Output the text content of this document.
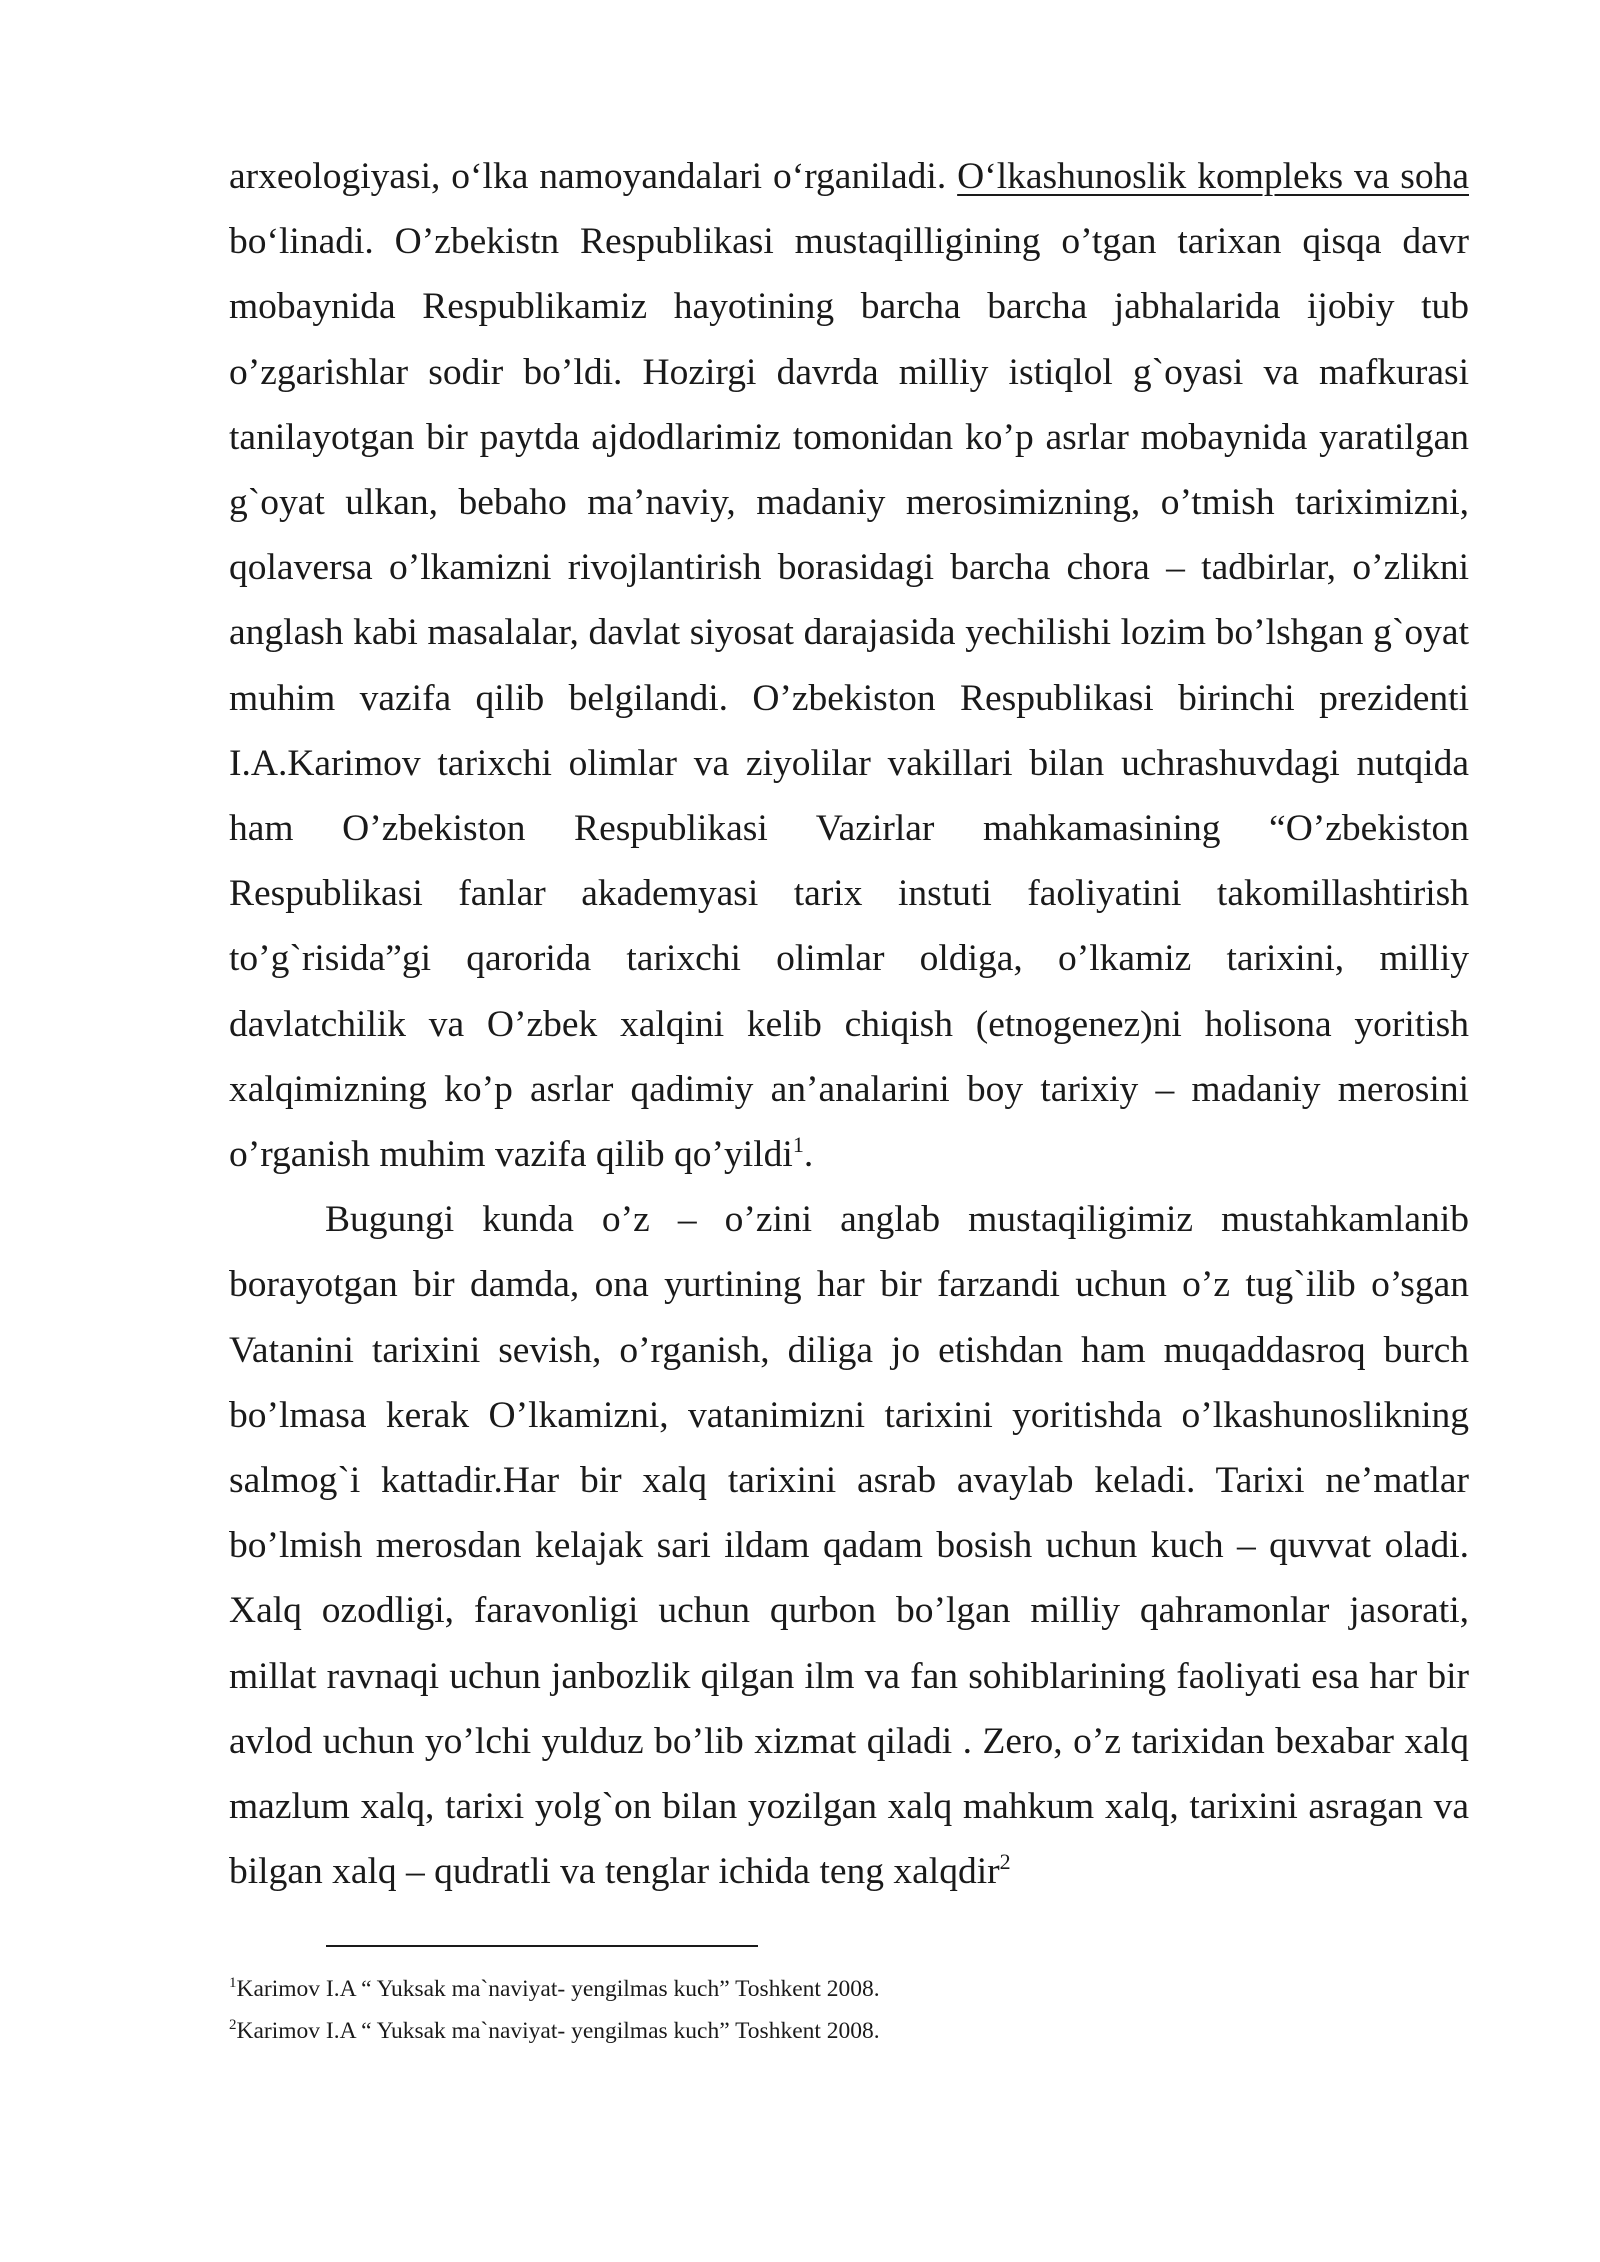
arxeologiyasi, oʻlka namoyandalari oʻrganiladi. Oʻlkashunoslik kompleks va soha boʻlinadi. O’zbekistn Respublikasi mustaqilligining o’tgan tarixan qisqa davr mobaynida Respublikamiz hayotining barcha barcha jabhalarida ijobiy tub o’zgarishlar sodir bo’ldi. Hozirgi davrda milliy istiqlol g`oyasi va mafkurasi tanilayotgan bir paytda ajdodlarimiz tomonidan ko’p asrlar mobaynida yaratilgan g`oyat ulkan, bebaho ma’naviy, madaniy merosimizning, o’tmish tariximizni, qolaversa o’lkamizni rivojlantirish borasidagi barcha chora – tadbirlar, o’zlikni anglash kabi masalalar, davlat siyosat darajasida yechilishi lozim bo’lshgan g`oyat muhim vazifa qilib belgilandi. O’zbekiston Respublikasi birinchi prezidenti I.A.Karimov tarixchi olimlar va ziyolilar vakillari bilan uchrashuvdagi nutqida ham O’zbekiston Respublikasi Vazirlar mahkamasining “O’zbekiston Respublikasi fanlar akademyasi tarix instuti faoliyatini takomillashtirish to’g`risida”gi qarorida tarixchi olimlar oldiga, o’lkamiz tarixini, milliy davlatchilik va O’zbek xalqini kelib chiqish (etnogenez)ni holisona yoritish xalqimizning ko’p asrlar qadimiy an’analarini boy tarixiy – madaniy merosini o’rganish muhim vazifa qilib qo’yildi$^1$.

Bugungi kunda o’z – o’zini anglab mustaqiligimiz mustahkamlanib borayotgan bir damda, ona yurtining har bir farzandi uchun o’z tug`ilib o’sgan Vatanini tarixini sevish, o’rganish, diliga jo etishdan ham muqaddasroq burch bo’lmasa kerak O’lkamizni, vatanimizni tarixini yoritishda o’lkashunoslikning salmog`i kattadir.Har bir xalq tarixini asrab avaylab keladi. Tarixi ne’matlar bo’lmish merosdan kelajak sari ildam qadam bosish uchun kuch – quvvat oladi. Xalq ozodligi, faravonligi uchun qurbon bo’lgan milliy qahramonlar jasorati, millat ravnaqi uchun janbozlik qilgan ilm va fan sohiblarining faoliyati esa har bir avlod uchun yo’lchi yulduz bo’lib xizmat qiladi . Zero, o’z tarixidan bexabar xalq mazlum xalq, tarixi yolg`on bilan yozilgan xalq mahkum xalq, tarixini asragan va bilgan xalq – qudratli va tenglar ichida teng xalqdir$^2$

$^1$Karimov I.A “ Yuksak ma`naviyat- yengilmas kuch” Toshkent 2008.

$^2$Karimov I.A “ Yuksak ma`naviyat- yengilmas kuch” Toshkent 2008.
